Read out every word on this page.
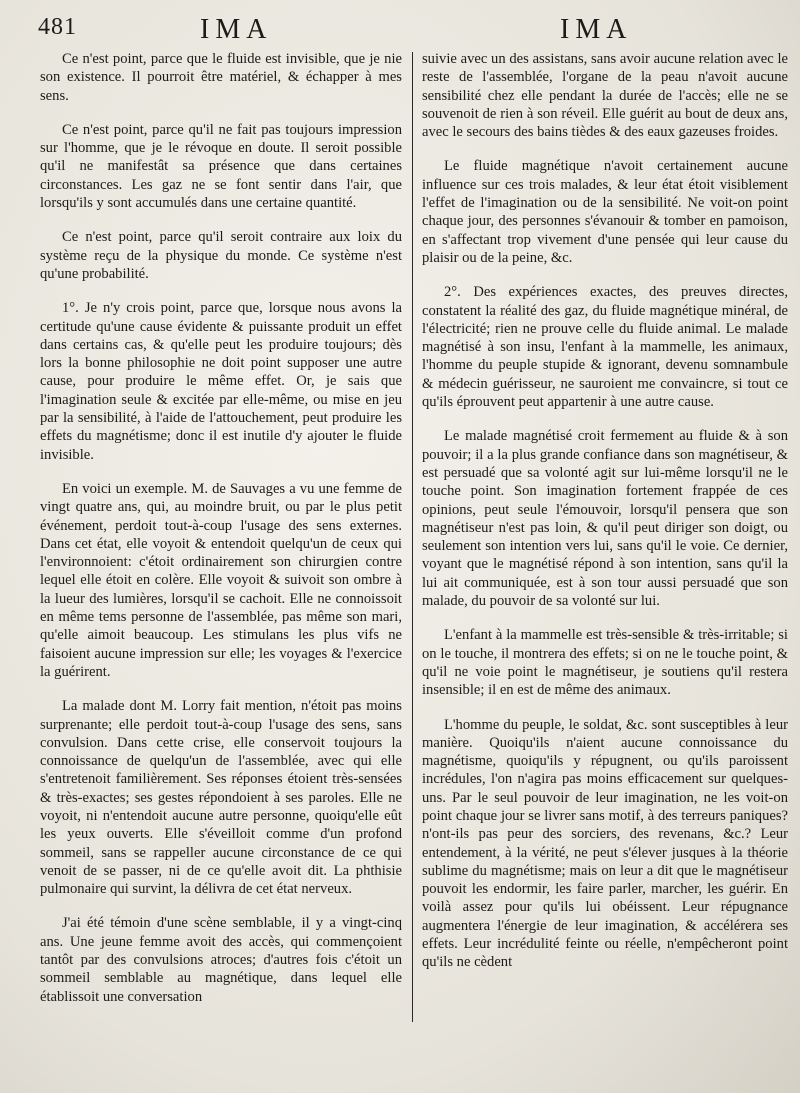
481	IMA	IMA

Ce n'est point, parce que le fluide est invisible, que je nie son existence. Il pourroit être matériel, & échapper à mes sens.

Ce n'est point, parce qu'il ne fait pas toujours impression sur l'homme, que je le révoque en doute. Il seroit possible qu'il ne manifestât sa présence que dans certaines circonstances. Les gaz ne se font sentir dans l'air, que lorsqu'ils y sont accumulés dans une certaine quantité.

Ce n'est point, parce qu'il seroit contraire aux loix du système reçu de la physique du monde. Ce système n'est qu'une probabilité.

1°. Je n'y crois point, parce que, lorsque nous avons la certitude qu'une cause évidente & puissante produit un effet dans certains cas, & qu'elle peut les produire toujours; dès lors la bonne philosophie ne doit point supposer une autre cause, pour produire le même effet. Or, je sais que l'imagination seule & excitée par elle-même, ou mise en jeu par la sensibilité, à l'aide de l'attouchement, peut produire les effets du magnétisme; donc il est inutile d'y ajouter le fluide invisible.

En voici un exemple. M. de Sauvages a vu une femme de vingt quatre ans, qui, au moindre bruit, ou par le plus petit événement, perdoit tout-à-coup l'usage des sens externes. Dans cet état, elle voyoit & entendoit quelqu'un de ceux qui l'environnoient: c'étoit ordinairement son chirurgien contre lequel elle étoit en colère. Elle voyoit & suivoit son ombre à la lueur des lumières, lorsqu'il se cachoit. Elle ne connoissoit en même tems personne de l'assemblée, pas même son mari, qu'elle aimoit beaucoup. Les stimulans les plus vifs ne faisoient aucune impression sur elle; les voyages & l'exercice la guérirent.

La malade dont M. Lorry fait mention, n'étoit pas moins surprenante; elle perdoit tout-à-coup l'usage des sens, sans convulsion. Dans cette crise, elle conservoit toujours la connoissance de quelqu'un de l'assemblée, avec qui elle s'entretenoit familièrement. Ses réponses étoient très-sensées & très-exactes; ses gestes répondoient à ses paroles. Elle ne voyoit, ni n'entendoit aucune autre personne, quoiqu'elle eût les yeux ouverts. Elle s'éveilloit comme d'un profond sommeil, sans se rappeller aucune circonstance de ce qui venoit de se passer, ni de ce qu'elle avoit dit. La phthisie pulmonaire qui survint, la délivra de cet état nerveux.

J'ai été témoin d'une scène semblable, il y a vingt-cinq ans. Une jeune femme avoit des accès, qui commençoient tantôt par des convulsions atroces; d'autres fois c'étoit un sommeil semblable au magnétique, dans lequel elle établissoit une conversation

suivie avec un des assistans, sans avoir aucune relation avec le reste de l'assemblée, l'organe de la peau n'avoit aucune sensibilité chez elle pendant la durée de l'accès; elle ne se souvenoit de rien à son réveil. Elle guérit au bout de deux ans, avec le secours des bains tièdes & des eaux gazeuses froides.

Le fluide magnétique n'avoit certainement aucune influence sur ces trois malades, & leur état étoit visiblement l'effet de l'imagination ou de la sensibilité. Ne voit-on point chaque jour, des personnes s'évanouir & tomber en pamoison, en s'affectant trop vivement d'une pensée qui leur cause du plaisir ou de la peine, &c.

2°. Des expériences exactes, des preuves directes, constatent la réalité des gaz, du fluide magnétique minéral, de l'électricité; rien ne prouve celle du fluide animal. Le malade magnétisé à son insu, l'enfant à la mammelle, les animaux, l'homme du peuple stupide & ignorant, devenu somnambule & médecin guérisseur, ne sauroient me convaincre, si tout ce qu'ils éprouvent peut appartenir à une autre cause.

Le malade magnétisé croit fermement au fluide & à son pouvoir; il a la plus grande confiance dans son magnétiseur, & est persuadé que sa volonté agit sur lui-même lorsqu'il ne le touche point. Son imagination fortement frappée de ces opinions, peut seule l'émouvoir, lorsqu'il pensera que son magnétiseur n'est pas loin, & qu'il peut diriger son doigt, ou seulement son intention vers lui, sans qu'il le voie. Ce dernier, voyant que le magnétisé répond à son intention, sans qu'il la lui ait communiquée, est à son tour aussi persuadé que son malade, du pouvoir de sa volonté sur lui.

L'enfant à la mammelle est très-sensible & très-irritable; si on le touche, il montrera des effets; si on ne le touche point, & qu'il ne voie point le magnétiseur, je soutiens qu'il restera insensible; il en est de même des animaux.

L'homme du peuple, le soldat, &c. sont susceptibles à leur manière. Quoiqu'ils n'aient aucune connoissance du magnétisme, quoiqu'ils y répugnent, ou qu'ils paroissent incrédules, l'on n'agira pas moins efficacement sur quelques-uns. Par le seul pouvoir de leur imagination, ne les voit-on point chaque jour se livrer sans motif, à des terreurs paniques? n'ont-ils pas peur des sorciers, des revenans, &c.? Leur entendement, à la vérité, ne peut s'élever jusques à la théorie sublime du magnétisme; mais on leur a dit que le magnétiseur pouvoit les endormir, les faire parler, marcher, les guérir. En voilà assez pour qu'ils lui obéissent. Leur répugnance augmentera l'énergie de leur imagination, & accélérera ses effets. Leur incrédulité feinte ou réelle, n'empêcheront point qu'ils ne cèdent
